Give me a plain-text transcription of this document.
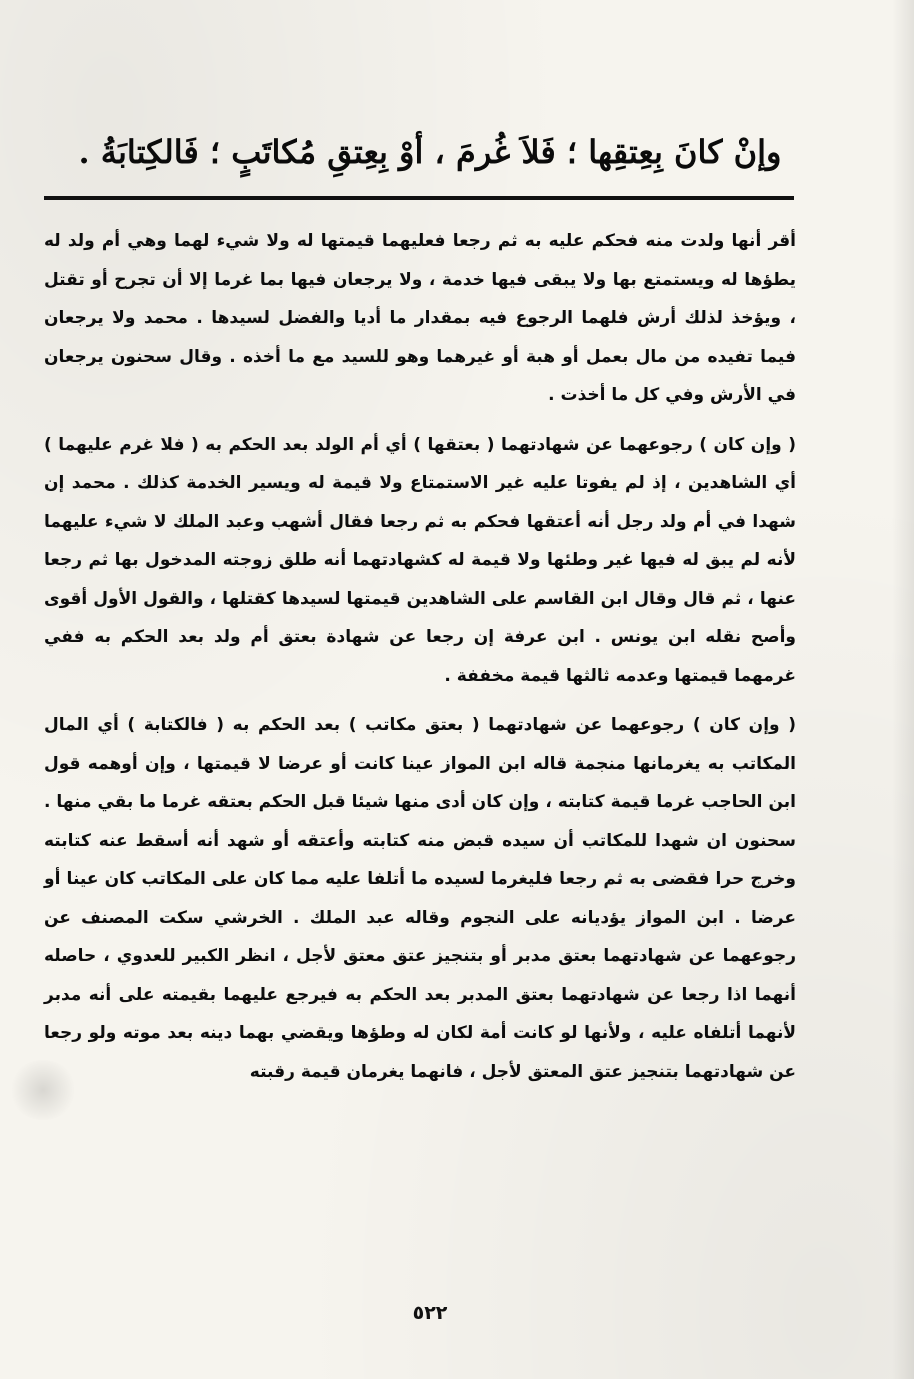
وإنْ كانَ بِعِتقِها ؛ فَلاَ غُرمَ ، أوْ بِعِتقِ مُكاتَبٍ ؛ فَالكِتابَةُ .

أقر أنها ولدت منه فحكم عليه به ثم رجعا فعليهما قيمتها له ولا شيء لهما وهي أم ولد له يطؤها له ويستمتع بها ولا يبقى فيها خدمة ، ولا يرجعان فيها بما غرما إلا أن تجرح أو تقتل ، ويؤخذ لذلك أرش فلهما الرجوع فيه بمقدار ما أديا والفضل لسيدها . محمد ولا يرجعان فيما تفيده من مال بعمل أو هبة أو غيرهما وهو للسيد مع ما أخذه . وقال سحنون يرجعان في الأرش وفي كل ما أخذت .

( وإن كان ) رجوعهما عن شهادتهما ( بعتقها ) أي أم الولد بعد الحكم به ( فلا غرم عليهما ) أي الشاهدين ، إذ لم يفوتا عليه غير الاستمتاع ولا قيمة له ويسير الخدمة كذلك . محمد إن شهدا في أم ولد رجل أنه أعتقها فحكم به ثم رجعا فقال أشهب وعبد الملك لا شيء عليهما لأنه لم يبق له فيها غير وطئها ولا قيمة له كشهادتهما أنه طلق زوجته المدخول بها ثم رجعا عنها ، ثم قال وقال ابن القاسم على الشاهدين قيمتها لسيدها كقتلها ، والقول الأول أقوى وأصح نقله ابن يونس . ابن عرفة إن رجعا عن شهادة بعتق أم ولد بعد الحكم به ففي غرمهما قيمتها وعدمه ثالثها قيمة مخففة .

( وإن كان ) رجوعهما عن شهادتهما ( بعتق مكاتب ) بعد الحكم به ( فالكتابة ) أي المال المكاتب به يغرمانها منجمة قاله ابن المواز عينا كانت أو عرضا لا قيمتها ، وإن أوهمه قول ابن الحاجب غرما قيمة كتابته ، وإن كان أدى منها شيئا قبل الحكم بعتقه غرما ما بقي منها . سحنون ان شهدا للمكاتب أن سيده قبض منه كتابته وأعتقه أو شهد أنه أسقط عنه كتابته وخرج حرا فقضى به ثم رجعا فليغرما لسيده ما أتلفا عليه مما كان على المكاتب كان عينا أو عرضا . ابن المواز يؤديانه على النجوم وقاله عبد الملك . الخرشي سكت المصنف عن رجوعهما عن شهادتهما بعتق مدبر أو بتنجيز عتق معتق لأجل ، انظر الكبير للعدوي ، حاصله أنهما اذا رجعا عن شهادتهما بعتق المدبر بعد الحكم به فيرجع عليهما بقيمته على أنه مدبر لأنهما أتلفاه عليه ، ولأنها لو كانت أمة لكان له وطؤها ويقضي بهما دينه بعد موته ولو رجعا عن شهادتهما بتنجيز عتق المعتق لأجل ، فانهما يغرمان قيمة رقبته

٥٢٢
